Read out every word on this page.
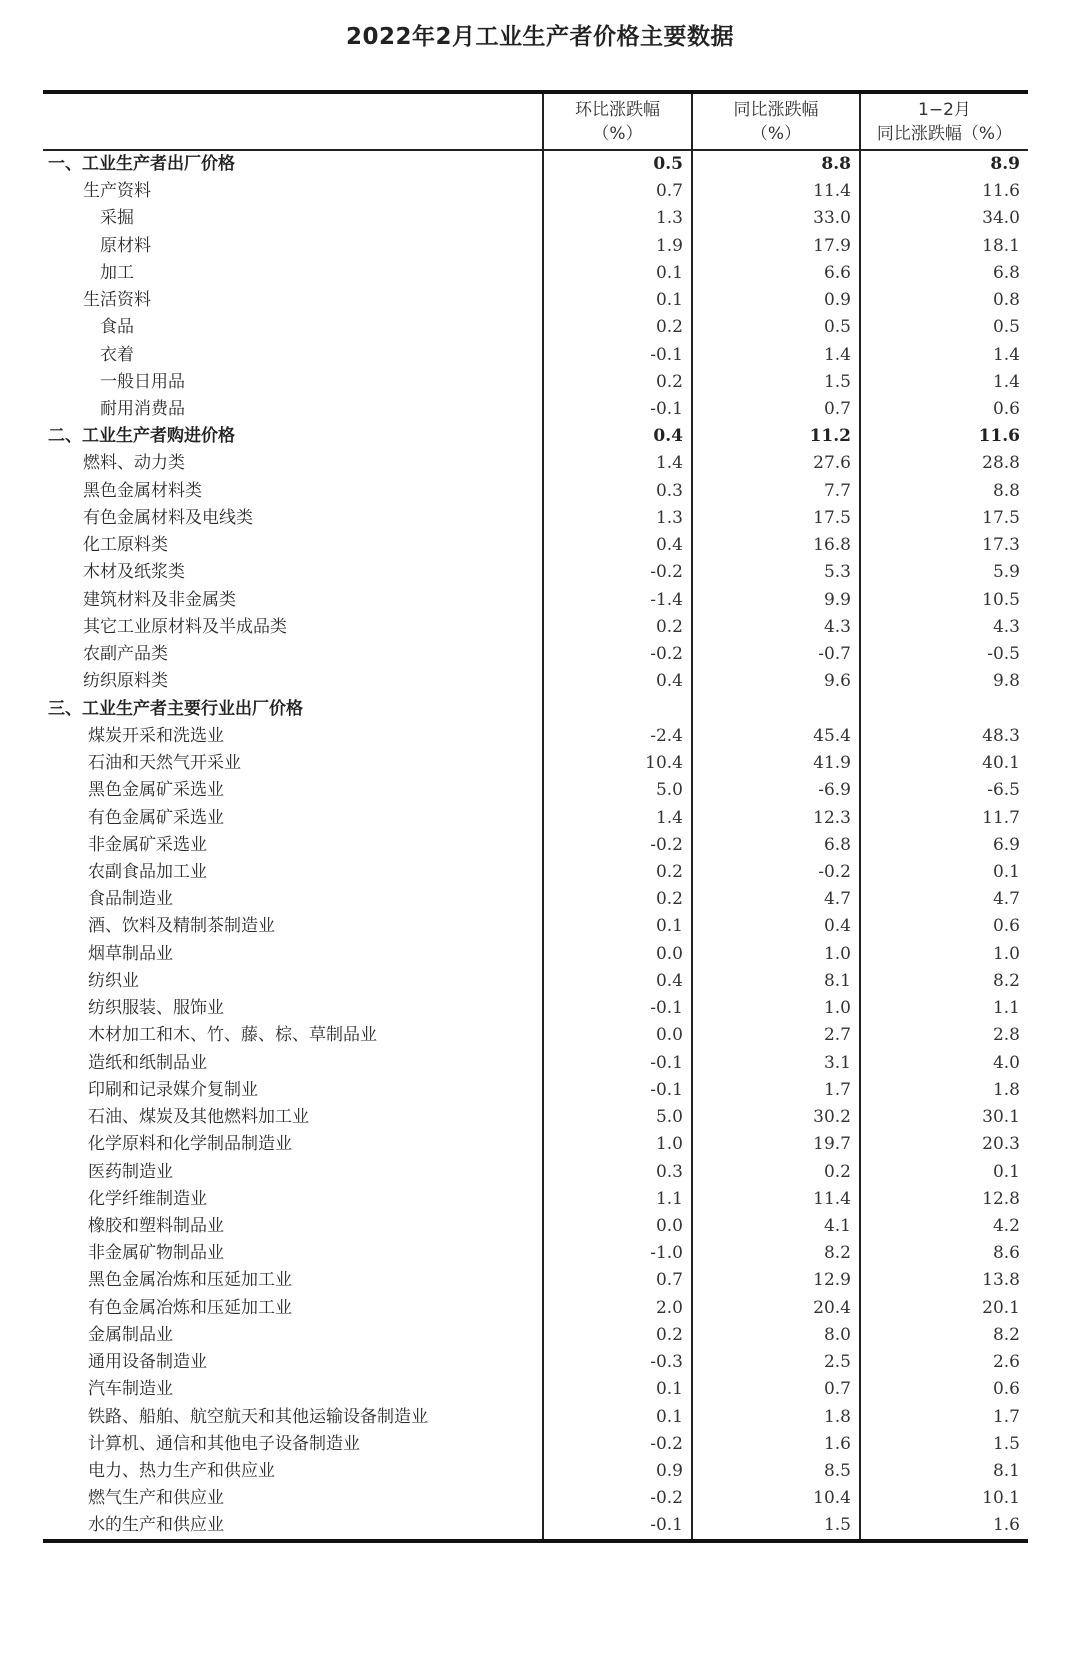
2022年2月工业生产者价格主要数据

环比涨跌幅
（%）

同比涨跌幅
（%）

1−2月
同比涨跌幅（%）

一、工业生产者出厂价格	0.5	8.8	8.9
生产资料	0.7	11.4	11.6
采掘	1.3	33.0	34.0
原材料	1.9	17.9	18.1
加工	0.1	6.6	6.8
生活资料	0.1	0.9	0.8
食品	0.2	0.5	0.5
衣着	-0.1	1.4	1.4
一般日用品	0.2	1.5	1.4
耐用消费品	-0.1	0.7	0.6
二、工业生产者购进价格	0.4	11.2	11.6
燃料、动力类	1.4	27.6	28.8
黑色金属材料类	0.3	7.7	8.8
有色金属材料及电线类	1.3	17.5	17.5
化工原料类	0.4	16.8	17.3
木材及纸浆类	-0.2	5.3	5.9
建筑材料及非金属类	-1.4	9.9	10.5
其它工业原材料及半成品类	0.2	4.3	4.3
农副产品类	-0.2	-0.7	-0.5
纺织原料类	0.4	9.6	9.8
三、工业生产者主要行业出厂价格			
煤炭开采和洗选业	-2.4	45.4	48.3
石油和天然气开采业	10.4	41.9	40.1
黑色金属矿采选业	5.0	-6.9	-6.5
有色金属矿采选业	1.4	12.3	11.7
非金属矿采选业	-0.2	6.8	6.9
农副食品加工业	0.2	-0.2	0.1
食品制造业	0.2	4.7	4.7
酒、饮料及精制茶制造业	0.1	0.4	0.6
烟草制品业	0.0	1.0	1.0
纺织业	0.4	8.1	8.2
纺织服装、服饰业	-0.1	1.0	1.1
木材加工和木、竹、藤、棕、草制品业	0.0	2.7	2.8
造纸和纸制品业	-0.1	3.1	4.0
印刷和记录媒介复制业	-0.1	1.7	1.8
石油、煤炭及其他燃料加工业	5.0	30.2	30.1
化学原料和化学制品制造业	1.0	19.7	20.3
医药制造业	0.3	0.2	0.1
化学纤维制造业	1.1	11.4	12.8
橡胶和塑料制品业	0.0	4.1	4.2
非金属矿物制品业	-1.0	8.2	8.6
黑色金属冶炼和压延加工业	0.7	12.9	13.8
有色金属冶炼和压延加工业	2.0	20.4	20.1
金属制品业	0.2	8.0	8.2
通用设备制造业	-0.3	2.5	2.6
汽车制造业	0.1	0.7	0.6
铁路、船舶、航空航天和其他运输设备制造业	0.1	1.8	1.7
计算机、通信和其他电子设备制造业	-0.2	1.6	1.5
电力、热力生产和供应业	0.9	8.5	8.1
燃气生产和供应业	-0.2	10.4	10.1
水的生产和供应业	-0.1	1.5	1.6
